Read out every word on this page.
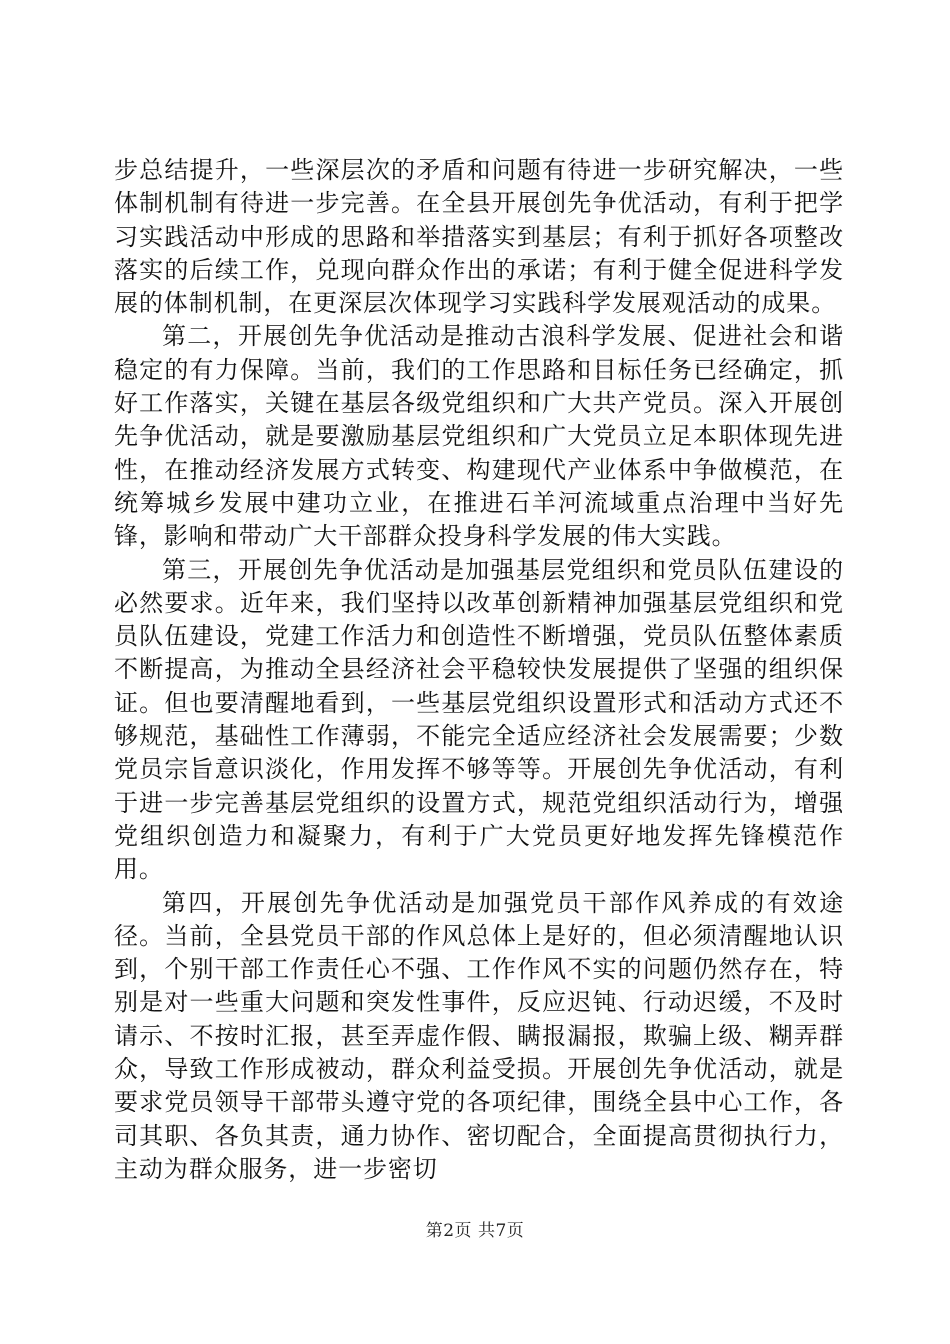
步总结提升，一些深层次的矛盾和问题有待进一步研究解决，一些体制机制有待进一步完善。在全县开展创先争优活动，有利于把学习实践活动中形成的思路和举措落实到基层；有利于抓好各项整改落实的后续工作，兑现向群众作出的承诺；有利于健全促进科学发展的体制机制，在更深层次体现学习实践科学发展观活动的成果。

第二，开展创先争优活动是推动古浪科学发展、促进社会和谐稳定的有力保障。当前，我们的工作思路和目标任务已经确定，抓好工作落实，关键在基层各级党组织和广大共产党员。深入开展创先争优活动，就是要激励基层党组织和广大党员立足本职体现先进性，在推动经济发展方式转变、构建现代产业体系中争做模范，在统筹城乡发展中建功立业，在推进石羊河流域重点治理中当好先锋，影响和带动广大干部群众投身科学发展的伟大实践。

第三，开展创先争优活动是加强基层党组织和党员队伍建设的必然要求。近年来，我们坚持以改革创新精神加强基层党组织和党员队伍建设，党建工作活力和创造性不断增强，党员队伍整体素质不断提高，为推动全县经济社会平稳较快发展提供了坚强的组织保证。但也要清醒地看到，一些基层党组织设置形式和活动方式还不够规范，基础性工作薄弱，不能完全适应经济社会发展需要；少数党员宗旨意识淡化，作用发挥不够等等。开展创先争优活动，有利于进一步完善基层党组织的设置方式，规范党组织活动行为，增强党组织创造力和凝聚力，有利于广大党员更好地发挥先锋模范作用。

第四，开展创先争优活动是加强党员干部作风养成的有效途径。当前，全县党员干部的作风总体上是好的，但必须清醒地认识到，个别干部工作责任心不强、工作作风不实的问题仍然存在，特别是对一些重大问题和突发性事件，反应迟钝、行动迟缓，不及时请示、不按时汇报，甚至弄虚作假、瞒报漏报，欺骗上级、糊弄群众，导致工作形成被动，群众利益受损。开展创先争优活动，就是要求党员领导干部带头遵守党的各项纪律，围绕全县中心工作，各司其职、各负其责，通力协作、密切配合，全面提高贯彻执行力，主动为群众服务，进一步密切

第2页 共7页
